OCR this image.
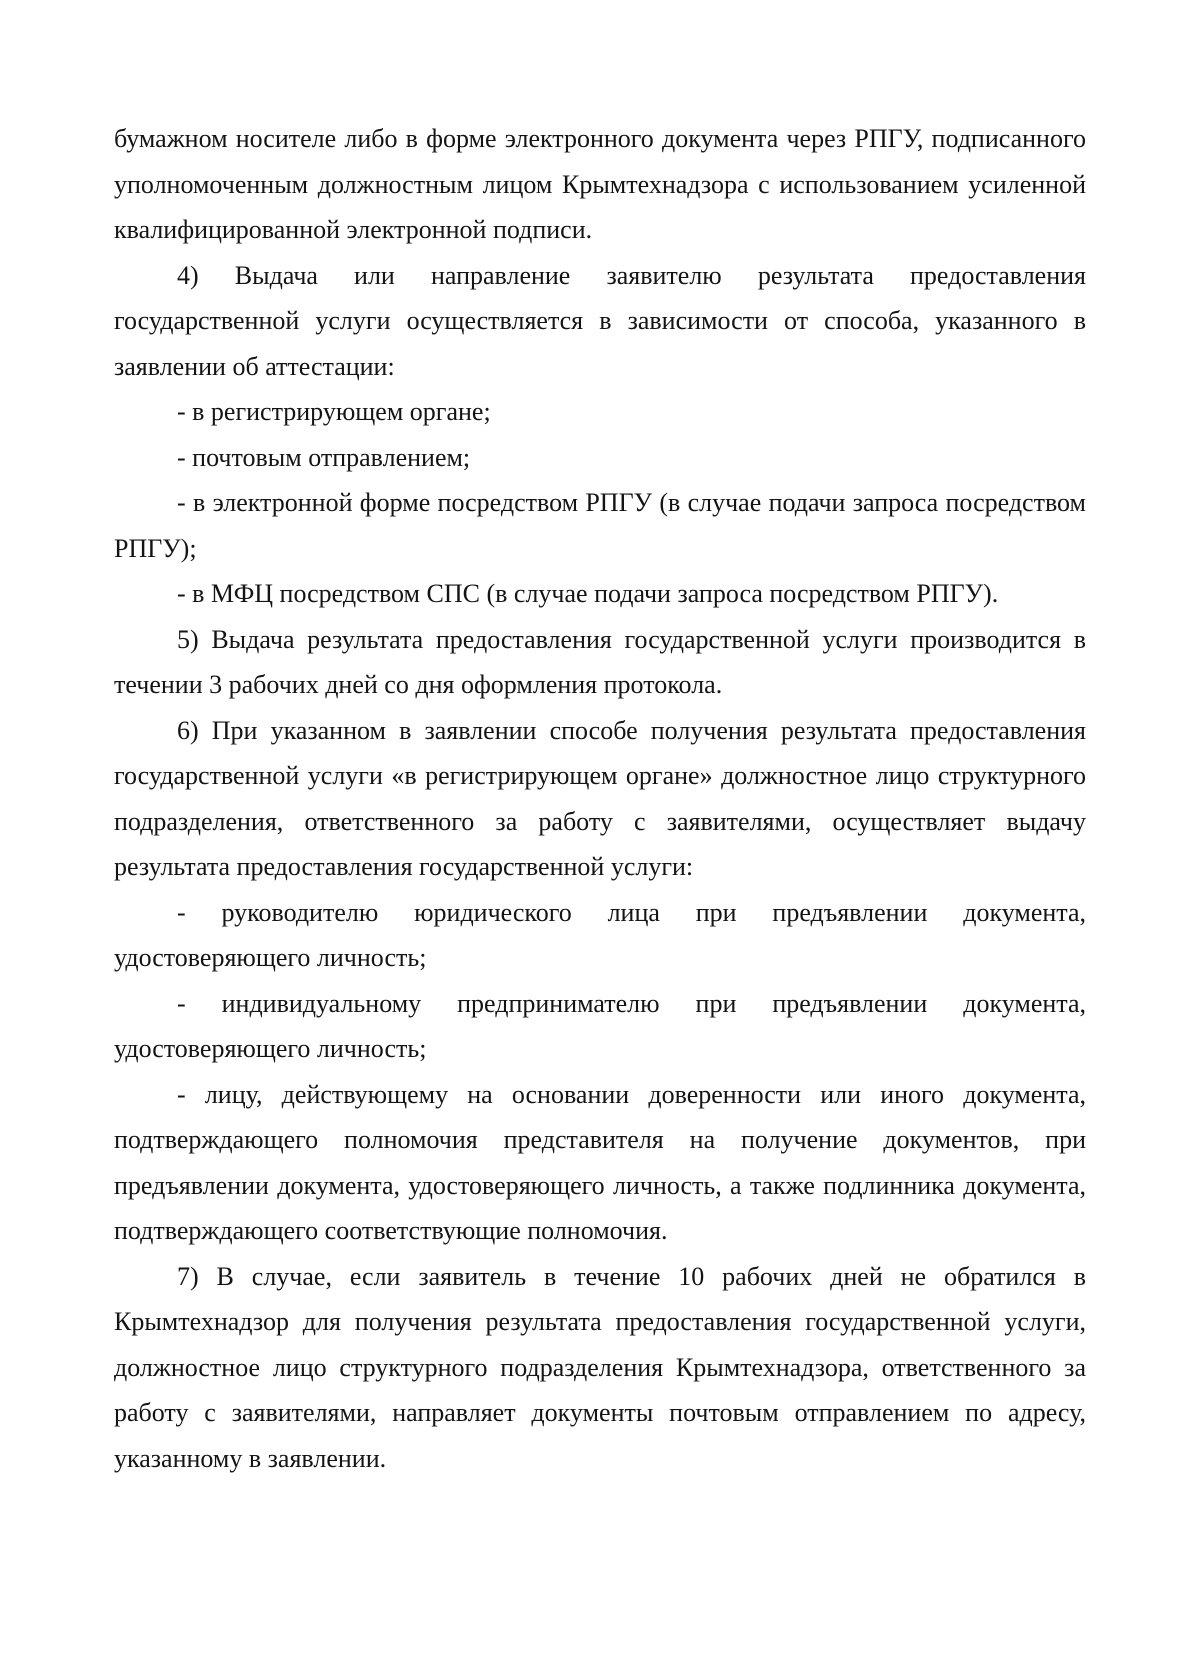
бумажном носителе либо в форме электронного документа через РПГУ, подписанного уполномоченным должностным лицом Крымтехнадзора с использованием усиленной квалифицированной электронной подписи.

4) Выдача или направление заявителю результата предоставления государственной услуги осуществляется в зависимости от способа, указанного в заявлении об аттестации:

- в регистрирующем органе;

- почтовым отправлением;

- в электронной форме посредством РПГУ (в случае подачи запроса посредством РПГУ);

- в МФЦ посредством СПС (в случае подачи запроса посредством РПГУ).

5) Выдача результата предоставления государственной услуги производится в течении 3 рабочих дней со дня оформления протокола.

6) При указанном в заявлении способе получения результата предоставления государственной услуги «в регистрирующем органе» должностное лицо структурного подразделения, ответственного за работу с заявителями, осуществляет выдачу результата предоставления государственной услуги:

- руководителю юридического лица при предъявлении документа, удостоверяющего личность;

- индивидуальному предпринимателю при предъявлении документа, удостоверяющего личность;

- лицу, действующему на основании доверенности или иного документа, подтверждающего полномочия представителя на получение документов, при предъявлении документа, удостоверяющего личность, а также подлинника документа, подтверждающего соответствующие полномочия.

7) В случае, если заявитель в течение 10 рабочих дней не обратился в Крымтехнадзор для получения результата предоставления государственной услуги, должностное лицо структурного подразделения Крымтехнадзора, ответственного за работу с заявителями, направляет документы почтовым отправлением по адресу, указанному в заявлении.
